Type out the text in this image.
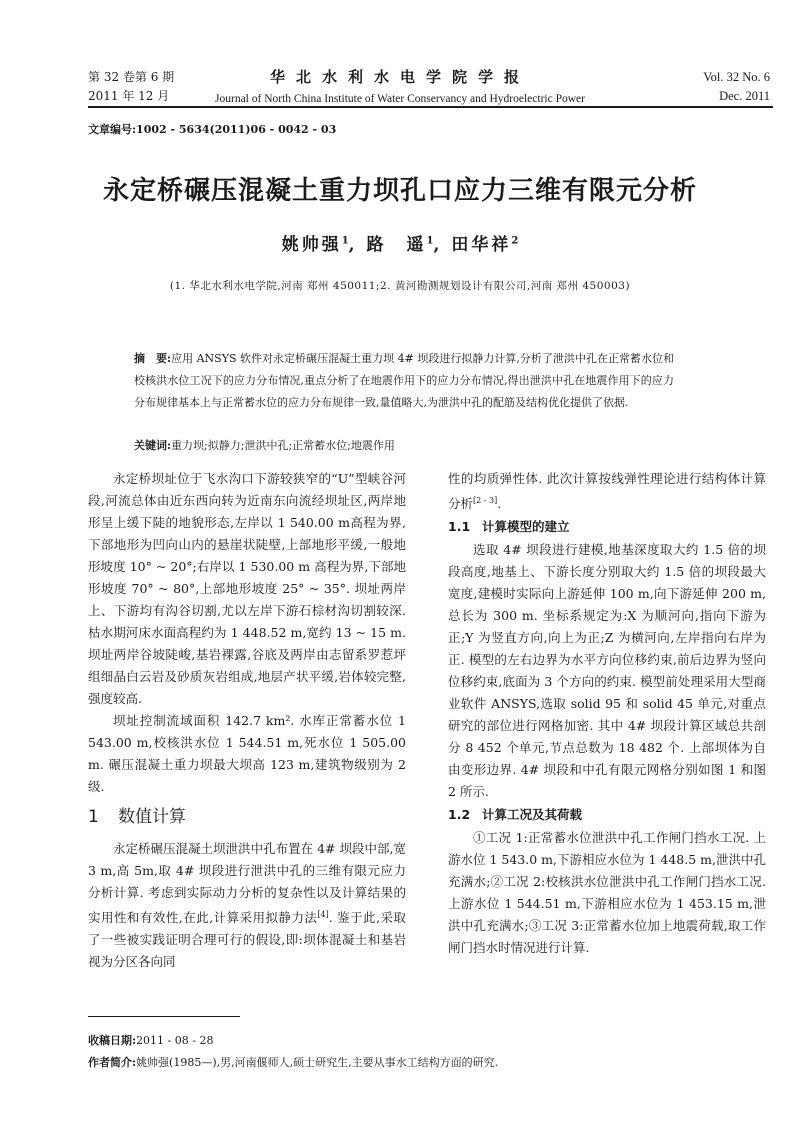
第 32 卷第 6 期
2011 年 12 月
华北水利水电学院学报
Journal of North China Institute of Water Conservancy and Hydroelectric Power
Vol. 32 No. 6
Dec. 2011
文章编号:1002 - 5634(2011)06 - 0042 - 03
永定桥碾压混凝土重力坝孔口应力三维有限元分析
姚帅强$^1$, 路　遥$^1$, 田华祥$^2$
(1. 华北水利水电学院,河南 郑州 450011;2. 黄河勘测规划设计有限公司,河南 郑州 450003)
摘　要:应用 ANSYS 软件对永定桥碾压混凝土重力坝 4# 坝段进行拟静力计算,分析了泄洪中孔在正常蓄水位和校核洪水位工况下的应力分布情况,重点分析了在地震作用下的应力分布情况,得出泄洪中孔在地震作用下的应力分布规律基本上与正常蓄水位的应力分布规律一致,量值略大,为泄洪中孔的配筋及结构优化提供了依据.
关键词:重力坝;拟静力;泄洪中孔;正常蓄水位;地震作用

永定桥坝址位于飞水沟口下游较狭窄的“U”型峡谷河段,河流总体由近东西向转为近南东向流经坝址区,两岸地形呈上缓下陡的地貌形态,左岸以 1 540.00 m高程为界,下部地形为凹向山内的悬崖状陡壁,上部地形平缓,一般地形坡度 10° ~ 20°;右岸以 1 530.00 m 高程为界,下部地形坡度 70° ~ 80°,上部地形坡度 25° ~ 35°. 坝址两岸上、下游均有沟谷切割,尤以左岸下游石棕材沟切割较深. 枯水期河床水面高程约为 1 448.52 m,宽约 13 ~ 15 m. 坝址两岸谷坡陡峻,基岩裸露,谷底及两岸由志留系罗惹坪组细晶白云岩及砂质灰岩组成,地层产状平缓,岩体较完整,强度较高.

坝址控制流域面积 142.7 km². 水库正常蓄水位 1 543.00 m,校核洪水位 1 544.51 m,死水位 1 505.00 m. 碾压混凝土重力坝最大坝高 123 m,建筑物级别为 2 级.

1 数值计算

永定桥碾压混凝土坝泄洪中孔布置在 4# 坝段中部,宽 3 m,高 5m,取 4# 坝段进行泄洪中孔的三维有限元应力分析计算. 考虑到实际动力分析的复杂性以及计算结果的实用性和有效性,在此,计算采用拟静力法[4]. 鉴于此,采取了一些被实践证明合理可行的假设,即:坝体混凝土和基岩视为分区各向同

性的均质弹性体. 此次计算按线弹性理论进行结构体计算分析[2 - 3].

1.1 计算模型的建立

选取 4# 坝段进行建模,地基深度取大约 1.5 倍的坝段高度,地基上、下游长度分别取大约 1.5 倍的坝段最大宽度,建模时实际向上游延伸 100 m,向下游延伸 200 m,总长为 300 m. 坐标系规定为:X 为顺河向,指向下游为正;Y 为竖直方向,向上为正;Z 为横河向,左岸指向右岸为正. 模型的左右边界为水平方向位移约束,前后边界为竖向位移约束,底面为 3 个方向的约束. 模型前处理采用大型商业软件 ANSYS,选取 solid 95 和 solid 45 单元,对重点研究的部位进行网格加密. 其中 4# 坝段计算区域总共剖分 8 452 个单元,节点总数为 18 482 个. 上部坝体为自由变形边界. 4# 坝段和中孔有限元网格分别如图 1 和图 2 所示.

1.2 计算工况及其荷载

①工况 1:正常蓄水位泄洪中孔工作闸门挡水工况. 上游水位 1 543.0 m,下游相应水位为 1 448.5 m,泄洪中孔充满水;②工况 2:校核洪水位泄洪中孔工作闸门挡水工况. 上游水位 1 544.51 m,下游相应水位为 1 453.15 m,泄洪中孔充满水;③工况 3:正常蓄水位加上地震荷载,取工作闸门挡水时情况进行计算.

收稿日期:2011 - 08 - 28
作者简介:姚帅强(1985—),男,河南偃师人,硕士研究生,主要从事水工结构方面的研究.
